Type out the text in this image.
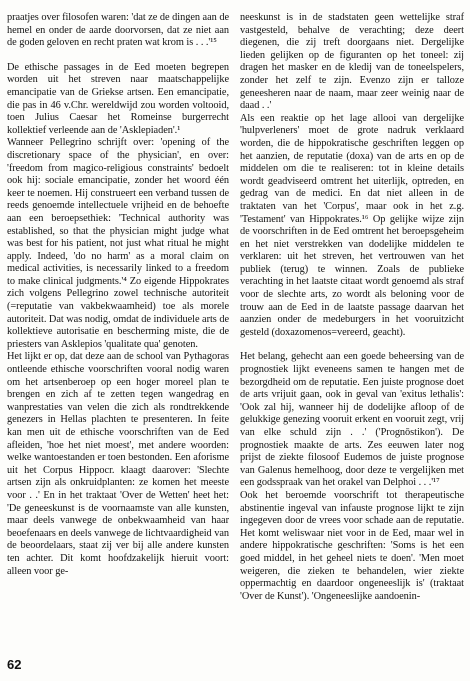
praatjes over filosofen waren: 'dat ze de dingen aan de hemel en onder de aarde doorvorsen, dat ze niet aan de goden geloven en recht praten wat krom is . . .'¹⁵

De ethische passages in de Eed moeten begrepen worden uit het streven naar maatschappelijke emancipatie van de Griekse artsen. Een emancipatie, die pas in 46 v.Chr. wereldwijd zou worden voltooid, toen Julius Caesar het Romeinse burgerrecht kollektief verleende aan de 'Asklepiaden'.¹

Wanneer Pellegrino schrijft over: 'opening of the discretionary space of the physician', en over: 'freedom from magico-religious constraints' bedoelt ook hij: sociale emancipatie, zonder het woord één keer te noemen. Hij construeert een verband tussen de reeds genoemde intellectuele vrijheid en de behoefte aan een beroepsethiek: 'Technical authority was established, so that the physician might judge what was best for his patient, not just what ritual he might apply. Indeed, 'do no harm' as a moral claim on medical activities, is necessarily linked to a freedom to make clinical judgments.'⁴ Zo eigende Hippokrates zich volgens Pellegrino zowel technische autoriteit (=reputatie van vakbekwaamheid) toe als morele autoriteit. Dat was nodig, omdat de individuele arts de kollektieve autorisatie en bescherming miste, die de priesters van Asklepios 'qualitate qua' genoten.

Het lijkt er op, dat deze aan de school van Pythagoras ontleende ethische voorschriften vooral nodig waren om het artsenberoep op een hoger moreel plan te brengen en zich af te zetten tegen wangedrag en wanprestaties van velen die zich als rondtrekkende genezers in Hellas plachten te presenteren. In feite kan men uit de ethische voorschriften van de Eed afleiden, 'hoe het niet moest', met andere woorden: welke wantoestanden er toen bestonden. Een aforisme uit het Corpus Hippocr. klaagt daarover: 'Slechte artsen zijn als onkruidplanten: ze komen het meeste voor . .' En in het traktaat 'Over de Wetten' heet het: 'De geneeskunst is de voornaamste van alle kunsten, maar deels vanwege de onbekwaamheid van haar beoefenaars en deels vanwege de lichtvaardigheid van de beoordelaars, staat zij ver bij alle andere kunsten ten achter. Dit komt hoofdzakelijk hieruit voort: alleen voor ge-

neeskunst is in de stadstaten geen wettelijke straf vastgesteld, behalve de verachting; deze deert diegenen, die zij treft doorgaans niet. Dergelijke lieden gelijken op de figuranten op het toneel: zij dragen het masker en de kledij van de toneelspelers, zonder het zelf te zijn. Evenzo zijn er talloze geneesheren naar de naam, maar zeer weinig naar de daad . .'

Als een reaktie op het lage allooi van dergelijke 'hulpverleners' moet de grote nadruk verklaard worden, die de hippokratische geschriften leggen op het aanzien, de reputatie (doxa) van de arts en op de middelen om die te realiseren: tot in kleine details wordt geadviseerd omtrent het uiterlijk, optreden, en gedrag van de medici. En dat niet alleen in de traktaten van het 'Corpus', maar ook in het z.g. 'Testament' van Hippokrates.¹⁶ Op gelijke wijze zijn de voorschriften in de Eed omtrent het beroepsgeheim en het niet verstrekken van dodelijke middelen te verklaren: uit het streven, het vertrouwen van het publiek (terug) te winnen. Zoals de publieke verachting in het laatste citaat wordt genoemd als straf voor de slechte arts, zo wordt als beloning voor de trouw aan de Eed in de laatste passage daarvan het aanzien onder de medeburgers in het vooruitzicht gesteld (doxazomenos=vereerd, geacht).

Het belang, gehecht aan een goede beheersing van de prognostiek lijkt eveneens samen te hangen met de bezorgdheid om de reputatie. Een juiste prognose doet de arts vrijuit gaan, ook in geval van 'exitus lethalis': 'Ook zal hij, wanneer hij de dodelijke afloop of de gelukkige genezing vooruit erkent en vooruit zegt, vrij van elke schuld zijn . .' ('Prognōstikon'). De prognostiek maakte de arts. Zes eeuwen later nog prijst de ziekte filosoof Eudemos de juiste prognose van Galenus hemelhoog, door deze te vergelijken met een godsspraak van het orakel van Delphoi . . .'¹⁷

Ook het beroemde voorschrift tot therapeutische abstinentie ingeval van infauste prognose lijkt te zijn ingegeven door de vrees voor schade aan de reputatie. Het komt weliswaar niet voor in de Eed, maar wel in andere hippokratische geschriften: 'Soms is het een goed middel, in het geheel niets te doen'. 'Men moet weigeren, die zieken te behandelen, wier ziekte oppermachtig en daardoor ongeneeslijk is' (traktaat 'Over de Kunst'). 'Ongeneeslijke aandoenin-

62
